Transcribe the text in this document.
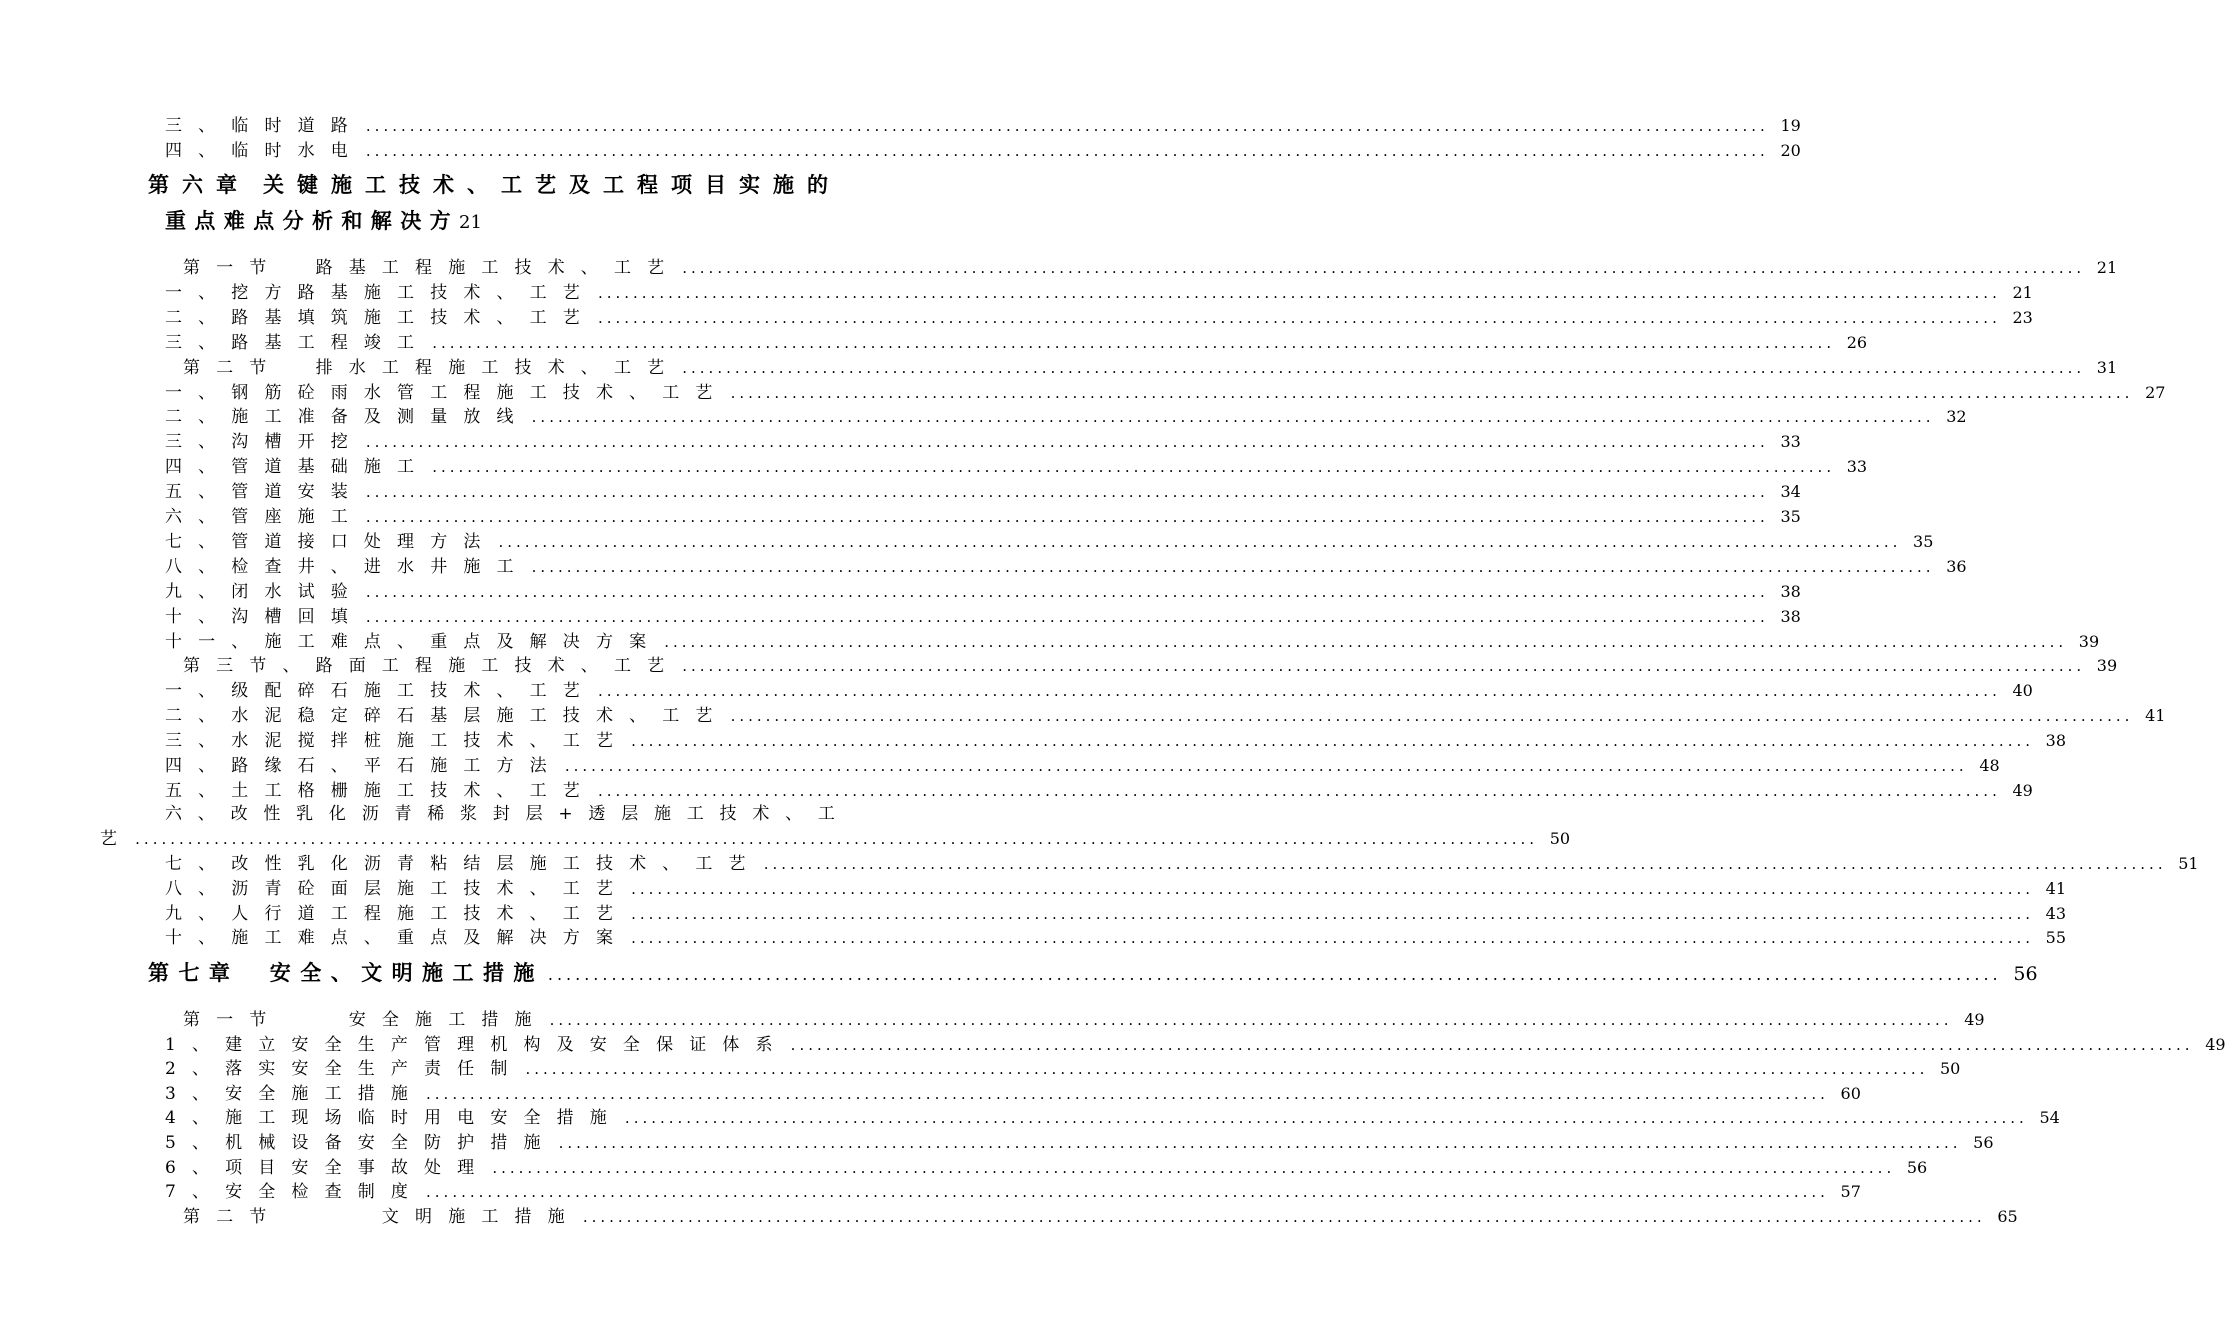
三、临时道路 ................................................................................................................................................................ 19
四、临时水电 ................................................................................................................................................................ 20
第 六 章 关 键 施 工 技 术 、 工 艺 及 工 程 项 目 实 施 的
重点难点分析和解决方21
第一节　路基工程施工技术、工艺 ................................................................................................................................................................ 21
一、挖方路基施工技术、工艺 ................................................................................................................................................................ 21
二、路基填筑施工技术、工艺 ................................................................................................................................................................ 23
三、路基工程竣工 ................................................................................................................................................................ 26
第二节　排水工程施工技术、工艺 ................................................................................................................................................................ 31
一、钢筋砼雨水管工程施工技术、工艺 ................................................................................................................................................................ 27
二、施工准备及测量放线 ................................................................................................................................................................ 32
三、沟槽开挖 ................................................................................................................................................................ 33
四、管道基础施工 ................................................................................................................................................................ 33
五、管道安装 ................................................................................................................................................................ 34
六、管座施工 ................................................................................................................................................................ 35
七、管道接口处理方法 ................................................................................................................................................................ 35
八、检查井、进水井施工 ................................................................................................................................................................ 36
九、闭水试验 ................................................................................................................................................................ 38
十、沟槽回填 ................................................................................................................................................................ 38
十一、施工难点、重点及解决方案 ................................................................................................................................................................ 39
第三节、路面工程施工技术、工艺 ................................................................................................................................................................ 39
一、级配碎石施工技术、工艺 ................................................................................................................................................................ 40
二、水泥稳定碎石基层施工技术、工艺 ................................................................................................................................................................ 41
三、水泥搅拌桩施工技术、工艺 ................................................................................................................................................................ 38
四、路缘石、平石施工方法 ................................................................................................................................................................ 48
五、土工格栅施工技术、工艺 ................................................................................................................................................................ 49
六 、 改 性 乳 化 沥 青 稀 浆 封 层 + 透 层 施 工 技 术 、 工
艺 ................................................................................................................................................................ 50
七、改性乳化沥青粘结层施工技术、工艺 ................................................................................................................................................................ 51
八、沥青砼面层施工技术、工艺 ................................................................................................................................................................ 41
九、人行道工程施工技术、工艺 ................................................................................................................................................................ 43
十、施工难点、重点及解决方案 ................................................................................................................................................................ 55
第七章　安全、文明施工措施 ................................................................................................................................................................ 56
第一节　　安全施工措施 ................................................................................................................................................................ 49
1、建立安全生产管理机构及安全保证体系 ................................................................................................................................................................ 49
2、落实安全生产责任制 ................................................................................................................................................................ 50
3、安全施工措施 ................................................................................................................................................................ 60
4、施工现场临时用电安全措施 ................................................................................................................................................................ 54
5、机械设备安全防护措施 ................................................................................................................................................................ 56
6、项目安全事故处理 ................................................................................................................................................................ 56
7、安全检查制度 ................................................................................................................................................................ 57
第二节　　　文明施工措施 ................................................................................................................................................................ 65
